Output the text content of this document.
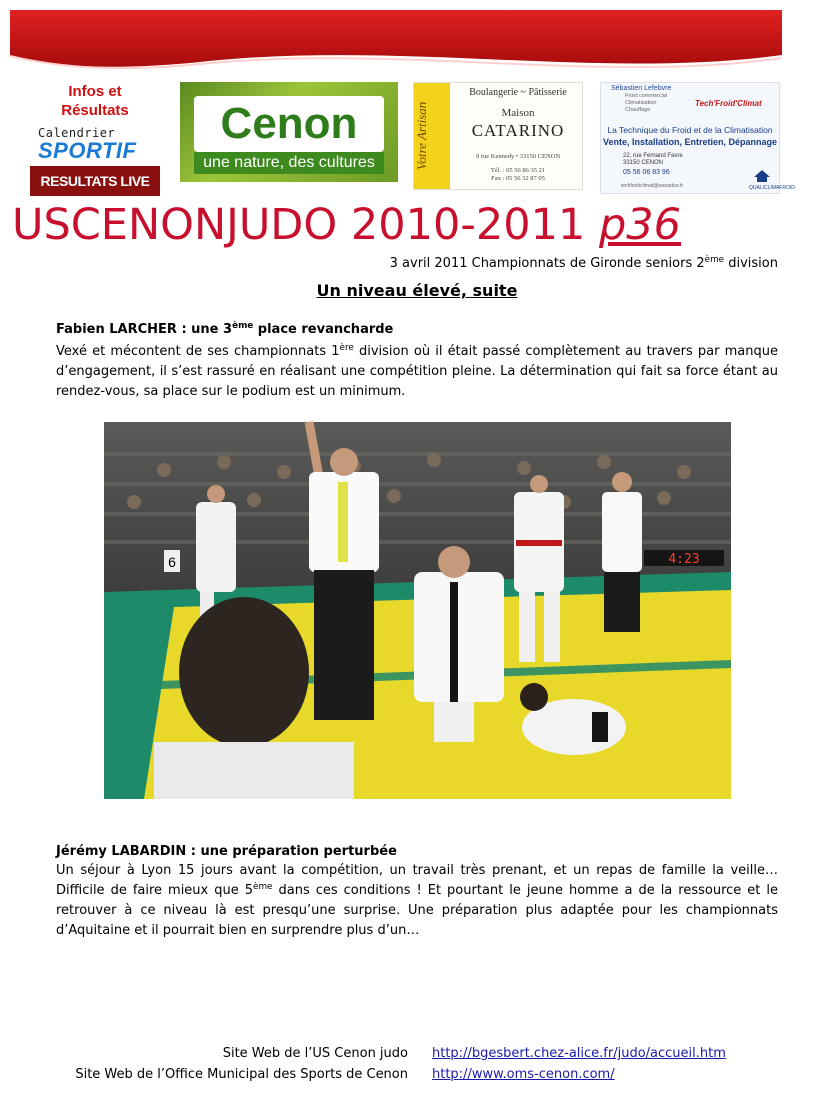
Infos et
Résultats
Calendrier
SPORTIF
RESULTATS LIVE
Cenon
une nature, des cultures	Votre Artisan
Boulangerie ~ Pâtisserie
Maison
CATARINO
9 rue Kennedy • 33150 CENON
Tél. : 05 56 86 35 21
Fax : 05 56 32 87 05
Sébastien Lefebvre
Froid commercial
Climatisation
Chauffage
Tech'Froid'Climat
La Technique du Froid et de la Climatisation
Vente, Installation, Entretien, Dépannage
22, rue Fernand Favre
33150 CENON
05 56 06 83 96
techfroidclimat@wanadoo.fr	QUALICLIMAFROID
USCENONJUDO 2010-2011 p36
3 avril 2011 Championnats de Gironde seniors 2ème division
Un niveau élevé, suite
Fabien LARCHER : une 3ème place revancharde
Vexé et mécontent de ses championnats 1ère division où il était passé complètement au travers par manque d’engagement, il s’est rassuré en réalisant une compétition pleine. La détermination qui fait sa force étant au rendez-vous, sa place sur le podium est un minimum.
4:23
6
Jérémy LABARDIN : une préparation perturbée
Un séjour à Lyon 15 jours avant la compétition, un travail très prenant, et un repas de famille la veille… Difficile de faire mieux que 5ème dans ces conditions ! Et pourtant le jeune homme a de la ressource et le retrouver à ce niveau là est presqu’une surprise. Une préparation plus adaptée pour les championnats d’Aquitaine et il pourrait bien en surprendre plus d’un…
Site Web de l’US Cenon judo http://bgesbert.chez-alice.fr/judo/accueil.htm
Site Web de l’Office Municipal des Sports de Cenon http://www.oms-cenon.com/
